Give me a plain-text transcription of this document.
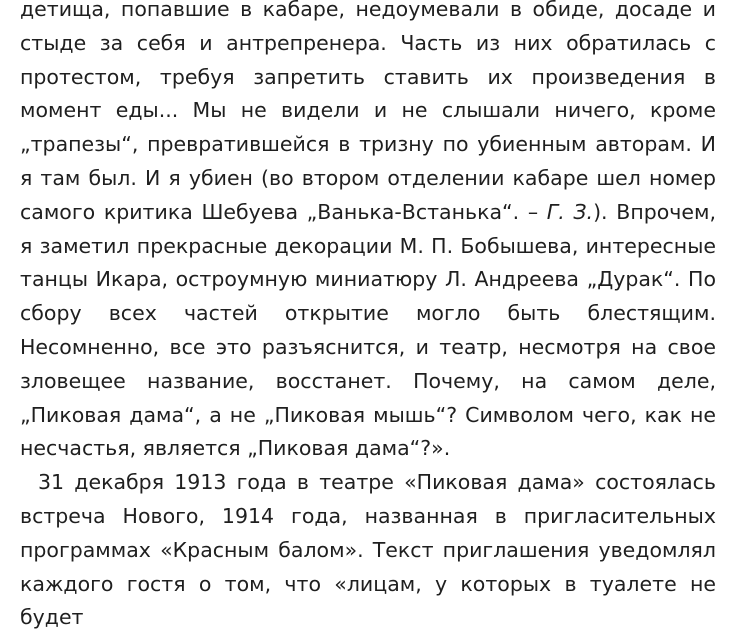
детища, попавшие в кабаре, недоумевали в обиде, досаде и стыде за себя и антрепренера. Часть из них обратилась с протестом, требуя запретить ставить их произведения в момент еды... Мы не видели и не слышали ничего, кроме „трапезы“, превратившейся в тризну по убиенным авторам. И я там был. И я убиен (во втором отделении кабаре шел номер самого критика Шебуева „Ванька-Встанька“. – Г. З.). Впрочем, я заметил прекрасные декорации М. П. Бобышева, интересные танцы Икара, остроумную миниатюру Л. Андреева „Дурак“. По сбору всех частей открытие могло быть блестящим. Несомненно, все это разъяснится, и театр, несмотря на свое зловещее название, восстанет. Почему, на самом деле, „Пиковая дама“, а не „Пиковая мышь“? Символом чего, как не несчастья, является „Пиковая дама“?».

31 декабря 1913 года в театре «Пиковая дама» состоялась встреча Нового, 1914 года, названная в пригласительных программах «Красным балом». Текст приглашения уведомлял каждого гостя о том, что «лицам, у которых в туалете не будет
